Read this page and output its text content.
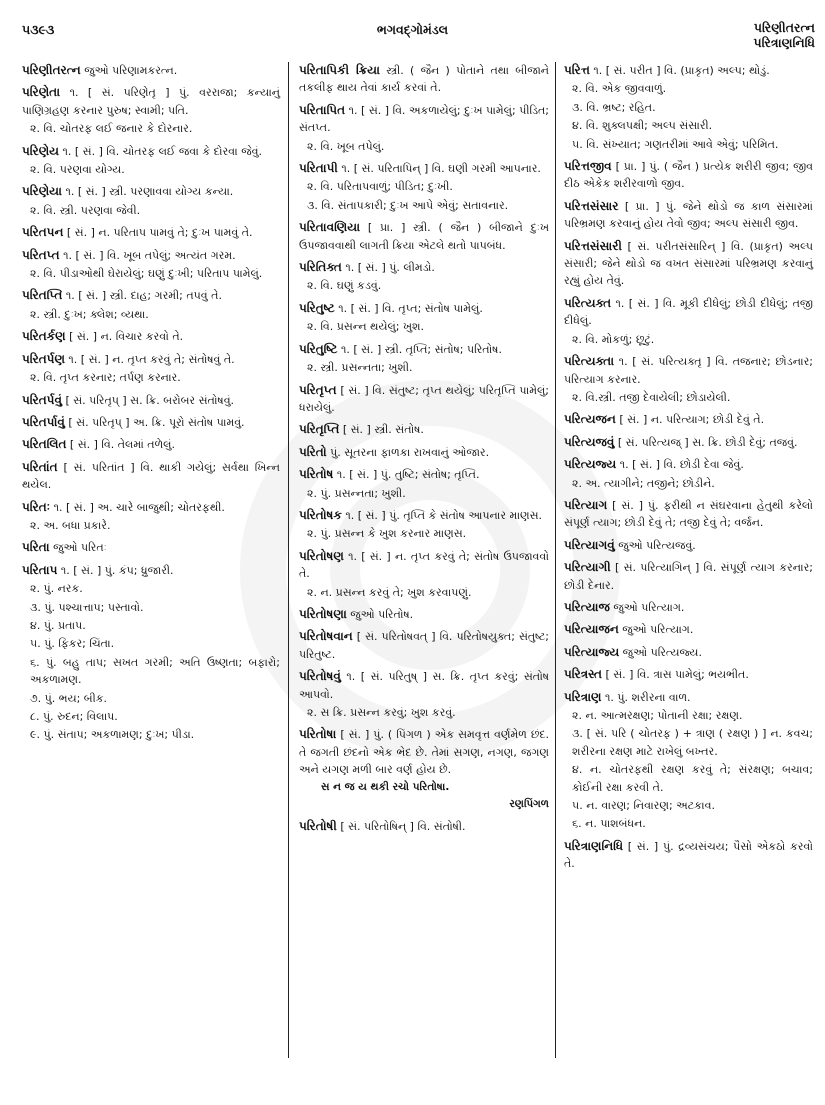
૫૩૯૩	ભગવદ્ગોમંડલ	પરિણીતરત્ન
પરિત્રાણનિધિ
પરિણીતરત્ન જુઓ પરિણામકરત્ન.
પરિણેતા ૧. [ સં. પરિણેતૃ ] પું. વરરાજા; કન્યાનું પાણિગ્રહણ કરનાર પુરુષ; સ્વામી; પતિ.
૨. વિ. ચોતરફ લઈ જનાર કે દોરનાર.
પરિણેય ૧. [ સં. ] વિ. ચોતરફ લઈ જવા કે દોરવા જેવું.
૨. વિ. પરણવા યોગ્ય.
પરિણેયા ૧. [ સં. ] સ્ત્રી. પરણાવવા યોગ્ય કન્યા.
૨. વિ. સ્ત્રી. પરણવા જેવી.
પરિતપન [ સં. ] ન. પરિતાપ પામવું તે; દુઃખ પામવું તે.
પરિતપ્ત ૧. [ સં. ] વિ. ખૂબ તપેલું; અત્યંત ગરમ.
૨. વિ. પીડાઓથી ઘેરાયેલું; ઘણું દુઃખી; પરિતાપ પામેલું.
પરિતપ્તિ ૧. [ સં. ] સ્ત્રી. દાહ; ગરમી; તપવું તે.
૨. સ્ત્રી. દુઃખ; ક્લેશ; વ્યથા.
પરિતર્કણ [ સં. ] ન. વિચાર કરવો તે.
પરિતર્પણ ૧. [ સં. ] ન. તૃપ્ત કરવું તે; સંતોષવું તે.
૨. વિ. તૃપ્ત કરનાર; તર્પણ કરનાર.
પરિતર્પવું [ સં. પરિતૃપ્ ] સ. ક્રિ. બરોબર સંતોષવું.
પરિતર્પાવું [ સં. પરિતૃપ્ ] અ. ક્રિ. પૂરો સંતોષ પામવું.
પરિતલિત [ સં. ] વિ. તેલમાં તળેલું.
પરિતાંત [ સં. પરિતાંત ] વિ. થાકી ગયેલું; સર્વથા ખિન્ન થયેલ.
પરિતઃ ૧. [ સં. ] અ. ચારે બાજુથી; ચોતરફથી.
૨. અ. બધા પ્રકારે.
પરિતા જુઓ પરિતઃ
પરિતાપ ૧. [ સં. ] પું. કંપ; ધ્રુજારી.
૨. પું. નરક.
૩. પું. પશ્ચાત્તાપ; પસ્તાવો.
૪. પું. પ્રતાપ.
૫. પું. ફિકર; ચિંતા.
૬. પું. બહુ તાપ; સખત ગરમી; અતિ ઉષ્ણતા; બફારો; અકળામણ.
૭. પું. ભય; બીક.
૮. પું. રુદન; વિલાપ.
૯. પું. સંતાપ; અકળામણ; દુઃખ; પીડા.
પરિતાપિકી ક્રિયા સ્ત્રી. ( જૈન ) પોતાને તથા બીજાને તકલીફ થાય તેવાં કાર્ય કરવાં તે.
પરિતાપિત ૧. [ સં. ] વિ. અકળાયેલું; દુઃખ પામેલું; પીડિત; સંતપ્ત.
૨. વિ. ખૂબ તપેલું.
પરિતાપી ૧. [ સં. પરિતાપિન્ ] વિ. ઘણી ગરમી આપનાર.
૨. વિ. પરિતાપવાળું; પીડિત; દુઃખી.
૩. વિ. સંતાપકારી; દુઃખ આપે એવું; સતાવનાર.
પરિતાવણિયા [ પ્રા. ] સ્ત્રી. ( જૈન ) બીજાને દુઃખ ઉપજાવવાથી લાગતી ક્રિયા એટલે થતો પાપબંધ.
પરિતિક્ત ૧. [ સં. ] પું. લીમડો.
૨. વિ. ઘણું કડવું.
પરિતુષ્ટ ૧. [ સં. ] વિ. તૃપ્ત; સંતોષ પામેલું.
૨. વિ. પ્રસન્ન થયેલું; ખુશ.
પરિતુષ્ટિ ૧. [ સં. ] સ્ત્રી. તૃપ્તિ; સંતોષ; પરિતોષ.
૨. સ્ત્રી. પ્રસન્નતા; ખુશી.
પરિતૃપ્ત [ સં. ] વિ. સંતુષ્ટ; તૃપ્ત થયેલું; પરિતૃપ્તિ પામેલું; ધરાયેલું.
પરિતૃપ્તિ [ સં. ] સ્ત્રી. સંતોષ.
પરિતો પું. સૂતરના ફાળકા રાખવાનું ઓજાર.
પરિતોષ ૧. [ સં. ] પું. તુષ્ટિ; સંતોષ; તૃપ્તિ.
૨. પું. પ્રસન્નતા; ખુશી.
પરિતોષક ૧. [ સં. ] પું. તૃપ્તિ કે સંતોષ આપનાર માણસ.
૨. પું. પ્રસન્ન કે ખુશ કરનાર માણસ.
પરિતોષણ ૧. [ સં. ] ન. તૃપ્ત કરવું તે; સંતોષ ઉપજાવવો તે.
૨. ન. પ્રસન્ન કરવું તે; ખુશ કરવાપણું.
પરિતોષણા જુઓ પરિતોષ.
પરિતોષવાન [ સં. પરિતોષવત્ ] વિ. પરિતોષયુક્ત; સંતુષ્ટ; પરિતુષ્ટ.
પરિતોષવું ૧. [ સં. પરિતુષ્ ] સ. ક્રિ. તૃપ્ત કરવું; સંતોષ આપવો.
૨. સ ક્રિ. પ્રસન્ન કરવું; ખુશ કરવું.
પરિતોષા [ સં. ] પું. ( પિંગળ ) એક સમવૃત્ત વર્ણમેળ છંદ. તે જગતી છંદનો એક ભેદ છે. તેમાં સગણ, નગણ, જગણ અને યગણ મળી બાર વર્ણ હોય છે.
સ ન જ ય થકી રચો પરિતોષા.
રણપિંગળ
પરિતોષી [ સં. પરિતોષિન્ ] વિ. સંતોષી.
પરિત્ત ૧. [ સં. પરીત ] વિ. (પ્રાકૃત) અલ્પ; થોડું.
૨. વિ. એક જીવવાળું.
૩. વિ. ભ્રષ્ટ; રહિત.
૪. વિ. શુક્લપક્ષી; અલ્પ સંસારી.
૫. વિ. સંખ્યાત; ગણતરીમાં આવે એવું; પરિમિત.
પરિત્તજીવ [ પ્રા. ] પું. ( જૈન ) પ્રત્યેક શરીરી જીવ; જીવ દીઠ એકેક શરીરવાળો જીવ.
પરિત્તસંસાર [ પ્રા. ] પું. જેને થોડો જ કાળ સંસારમાં પરિભ્રમણ કરવાનું હોય તેવો જીવ; અલ્પ સંસારી જીવ.
પરિત્તસંસારી [ સં. પરીતસંસારિન્ ] વિ. (પ્રાકૃત) અલ્પ સંસારી; જેને થોડો જ વખત સંસારમાં પરિભ્રમણ કરવાનું રહ્યું હોય તેવું.
પરિત્યક્ત ૧. [ સં. ] વિ. મૂકી દીધેલું; છોડી દીધેલું; તજી દીધેલું.
૨. વિ. મોકળું; છૂટું.
પરિત્યક્તા ૧. [ સં. પરિત્યક્તૃ ] વિ. તજનાર; છોડનાર; પરિત્યાગ કરનાર.
૨. વિ.સ્ત્રી. તજી દેવાયેલી; છોડાયેલી.
પરિત્યજન [ સં. ] ન. પરિત્યાગ; છોડી દેવું તે.
પરિત્યજવું [ સં. પરિત્યજ્ ] સ. ક્રિ. છોડી દેવું; તજવું.
પરિત્યજ્ય ૧. [ સં. ] વિ. છોડી દેવા જેવું.
૨. અ. ત્યાગીને; તજીને; છોડીને.
પરિત્યાગ [ સં. ] પું. ફરીથી ન સંઘરવાના હેતુથી કરેલો સંપૂર્ણ ત્યાગ; છોડી દેવું તે; તજી દેવું તે; વર્જન.
પરિત્યાગવું જુઓ પરિત્યજવું.
પરિત્યાગી [ સં. પરિત્યાગિન્ ] વિ. સંપૂર્ણ ત્યાગ કરનાર; છોડી દેનાર.
પરિત્યાજ જુઓ પરિત્યાગ.
પરિત્યાજન જુઓ પરિત્યાગ.
પરિત્યાજ્ય જુઓ પરિત્યજ્ય.
પરિત્રસ્ત [ સં. ] વિ. ત્રાસ પામેલું; ભયભીત.
પરિત્રાણ ૧. પું. શરીરના વાળ.
૨. ન. આત્મરક્ષણ; પોતાની રક્ષા; રક્ષણ.
૩. [ સં. પરિ ( ચોતરફ ) + ત્રાણ ( રક્ષણ ) ] ન. કવચ; શરીરના રક્ષણ માટે રાખેલું બખ્તર.
૪. ન. ચોતરફથી રક્ષણ કરવું તે; સંરક્ષણ; બચાવ; કોઈની રક્ષા કરવી તે.
૫. ન. વારણ; નિવારણ; અટકાવ.
૬. ન. પાશબંધન.
પરિત્રાણનિધિ [ સં. ] પું. દ્રવ્યસંચય; પૈસો એકઠો કરવો તે.
